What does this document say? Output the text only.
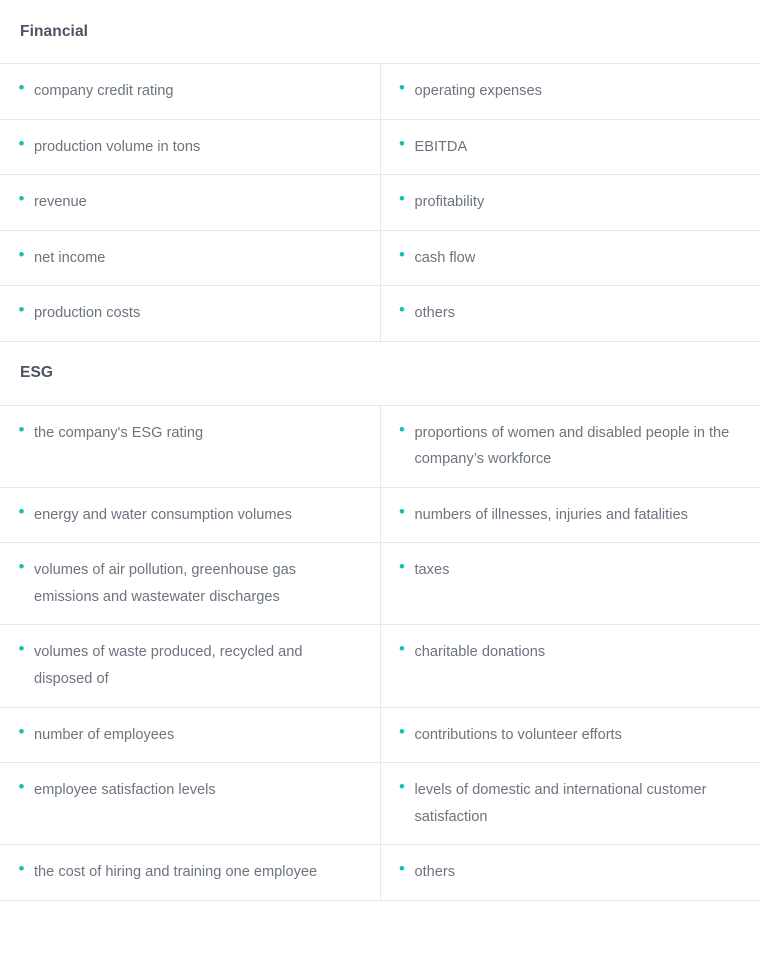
Financial
• company credit rating	• operating expenses

• production volume in tons	• EBITDA

• revenue	• profitability

• net income	• cash flow

• production costs	• others
ESG
• the company's ESG rating	• proportions of women and disabled people in the company’s workforce

• energy and water consumption volumes	• numbers of illnesses, injuries and fatalities

• volumes of air pollution, greenhouse gas emissions and wastewater discharges	• taxes

• volumes of waste produced, recycled and disposed of	• charitable donations

• number of employees	• contributions to volunteer efforts

• employee satisfaction levels	• levels of domestic and international customer satisfaction

• the cost of hiring and training one employee	• others
